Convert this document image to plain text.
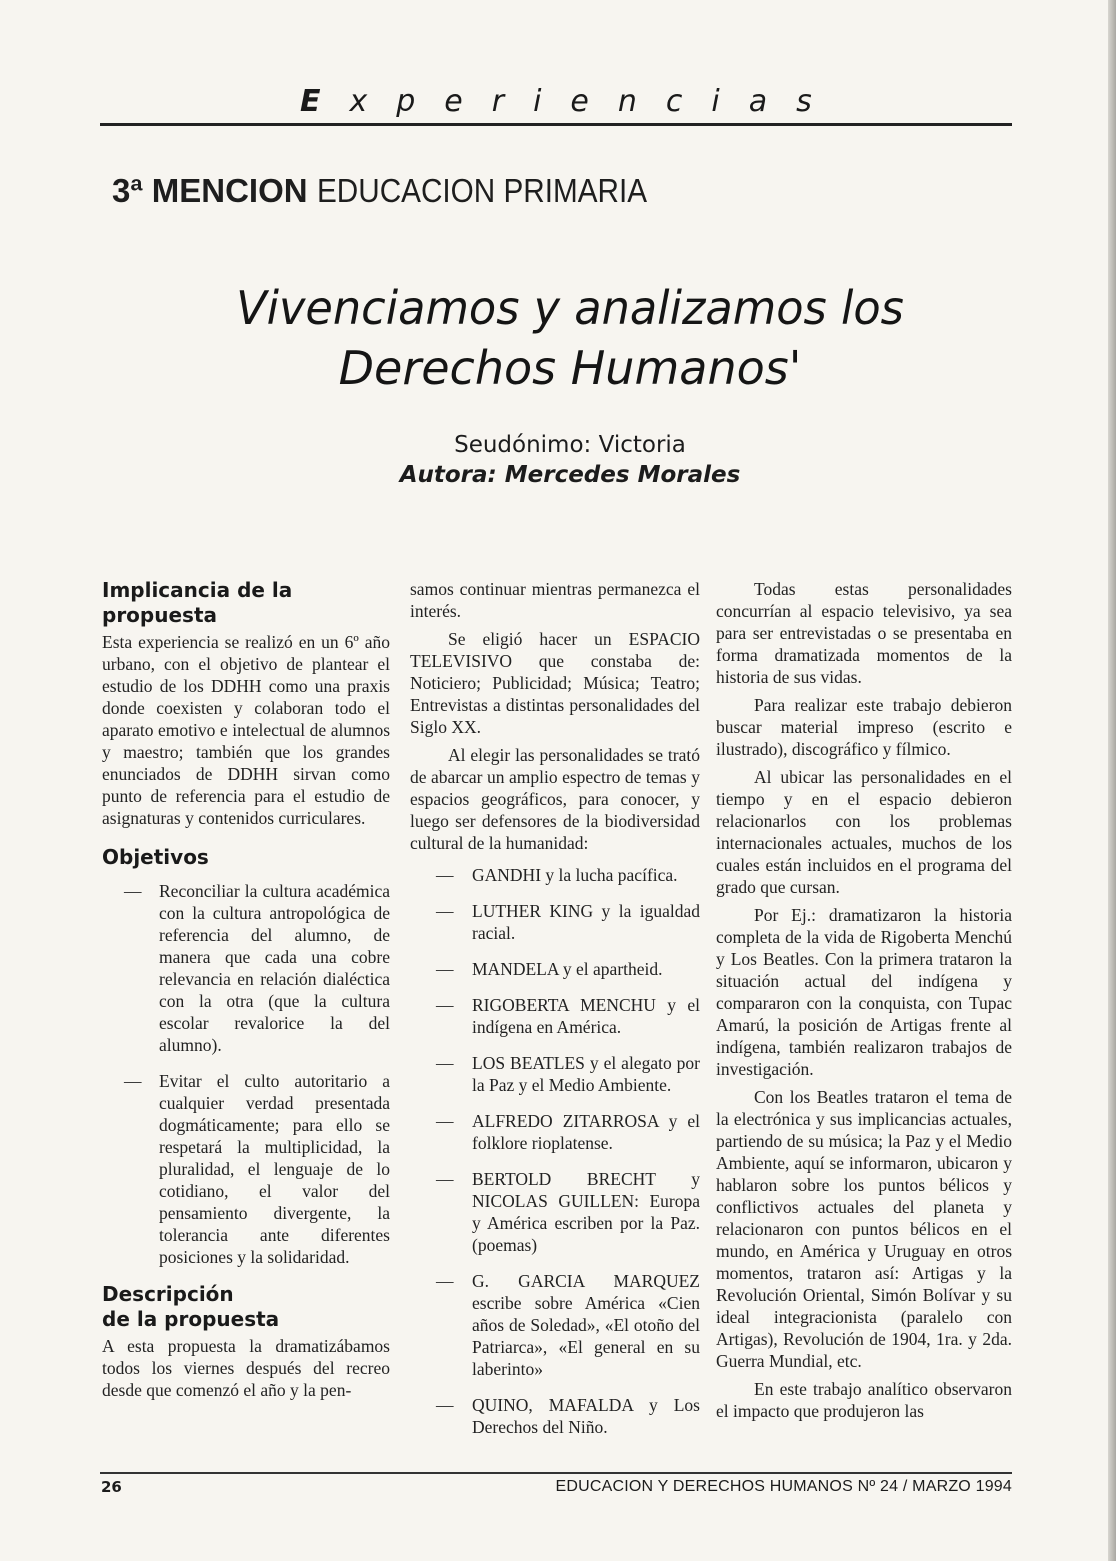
Experiencias
3ª MENCION EDUCACION PRIMARIA
Vivenciamos y analizamos los
Derechos Humanos'
Seudónimo: Victoria
Autora: Mercedes Morales
Implicancia de la propuesta

Esta experiencia se realizó en un 6º año urbano, con el objetivo de plantear el estudio de los DDHH como una praxis donde coexisten y colaboran todo el aparato emotivo e intelectual de alumnos y maestro; también que los grandes enunciados de DDHH sirvan como punto de referencia para el estudio de asignaturas y contenidos curriculares.

Objetivos
— Reconciliar la cultura académica con la cultura antropológica de referencia del alumno, de manera que cada una cobre relevancia en relación dialéctica con la otra (que la cultura escolar revalorice la del alumno).
— Evitar el culto autoritario a cualquier verdad presentada dogmáticamente; para ello se respetará la multiplicidad, la pluralidad, el lenguaje de lo cotidiano, el valor del pensamiento divergente, la tolerancia ante diferentes posiciones y la solidaridad.
Descripción
de la propuesta

A esta propuesta la dramatizábamos todos los viernes después del recreo desde que comenzó el año y la pen-

samos continuar mientras permanezca el interés.

Se eligió hacer un ESPACIO TELEVISIVO que constaba de: Noticiero; Publicidad; Música; Teatro; Entrevistas a distintas personalidades del Siglo XX.

Al elegir las personalidades se trató de abarcar un amplio espectro de temas y espacios geográficos, para conocer, y luego ser defensores de la biodiversidad cultural de la humanidad:

— GANDHI y la lucha pacífica.
— LUTHER KING y la igualdad racial.
— MANDELA y el apartheid.
— RIGOBERTA MENCHU y el indígena en América.
— LOS BEATLES y el alegato por la Paz y el Medio Ambiente.
— ALFREDO ZITARROSA y el folklore rioplatense.
— BERTOLD BRECHT y NICOLAS GUILLEN: Europa y América escriben por la Paz. (poemas)
— G. GARCIA MARQUEZ escribe sobre América «Cien años de Soledad», «El otoño del Patriarca», «El general en su laberinto»
— QUINO, MAFALDA y Los Derechos del Niño.

Todas estas personalidades concurrían al espacio televisivo, ya sea para ser entrevistadas o se presentaba en forma dramatizada momentos de la historia de sus vidas.

Para realizar este trabajo debieron buscar material impreso (escrito e ilustrado), discográfico y fílmico.

Al ubicar las personalidades en el tiempo y en el espacio debieron relacionarlos con los problemas internacionales actuales, muchos de los cuales están incluidos en el programa del grado que cursan.

Por Ej.: dramatizaron la historia completa de la vida de Rigoberta Menchú y Los Beatles. Con la primera trataron la situación actual del indígena y compararon con la conquista, con Tupac Amarú, la posición de Artigas frente al indígena, también realizaron trabajos de investigación.

Con los Beatles trataron el tema de la electrónica y sus implicancias actuales, partiendo de su música; la Paz y el Medio Ambiente, aquí se informaron, ubicaron y hablaron sobre los puntos bélicos y conflictivos actuales del planeta y relacionaron con puntos bélicos en el mundo, en América y Uruguay en otros momentos, trataron así: Artigas y la Revolución Oriental, Simón Bolívar y su ideal integracionista (paralelo con Artigas), Revolución de 1904, 1ra. y 2da. Guerra Mundial, etc.

En este trabajo analítico observaron el impacto que produjeron las

26	EDUCACION Y DERECHOS HUMANOS Nº 24 / MARZO 1994
